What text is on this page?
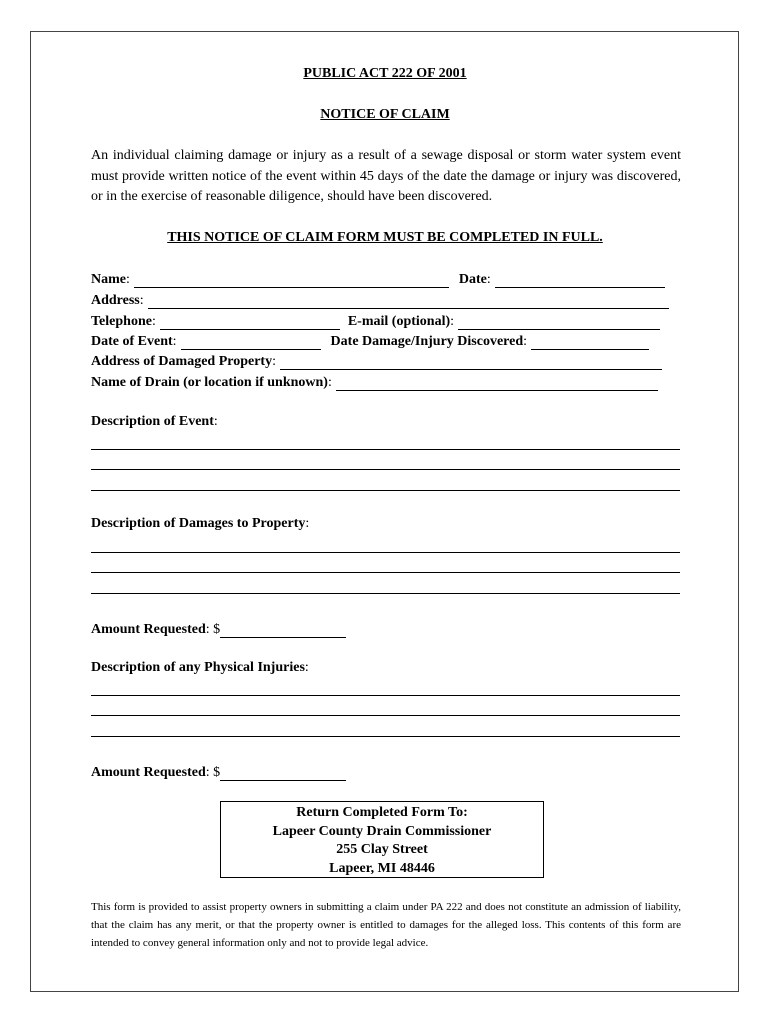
PUBLIC ACT 222 OF 2001
NOTICE OF CLAIM
An individual claiming damage or injury as a result of a sewage disposal or storm water system event must provide written notice of the event within 45 days of the date the damage or injury was discovered, or in the exercise of reasonable diligence, should have been discovered.
THIS NOTICE OF CLAIM FORM MUST BE COMPLETED IN FULL.
Name :	Date :
Address :
Telephone :	E-mail (optional) :
Date of Event :	Date Damage/Injury Discovered :
Address of Damaged Property :
Name of Drain (or location if unknown) :
Description of Event:
Description of Damages to Property:
Amount Requested :
$
Description of any Physical Injuries:
Amount Requested :
$
Return Completed Form To:
Lapeer County Drain Commissioner
255 Clay Street
Lapeer, MI 48446
This form is provided to assist property owners in submitting a claim under PA 222 and does not constitute an admission of liability, that the claim has any merit, or that the property owner is entitled to damages for the alleged loss. This contents of this form are intended to convey general information only and not to provide legal advice.
